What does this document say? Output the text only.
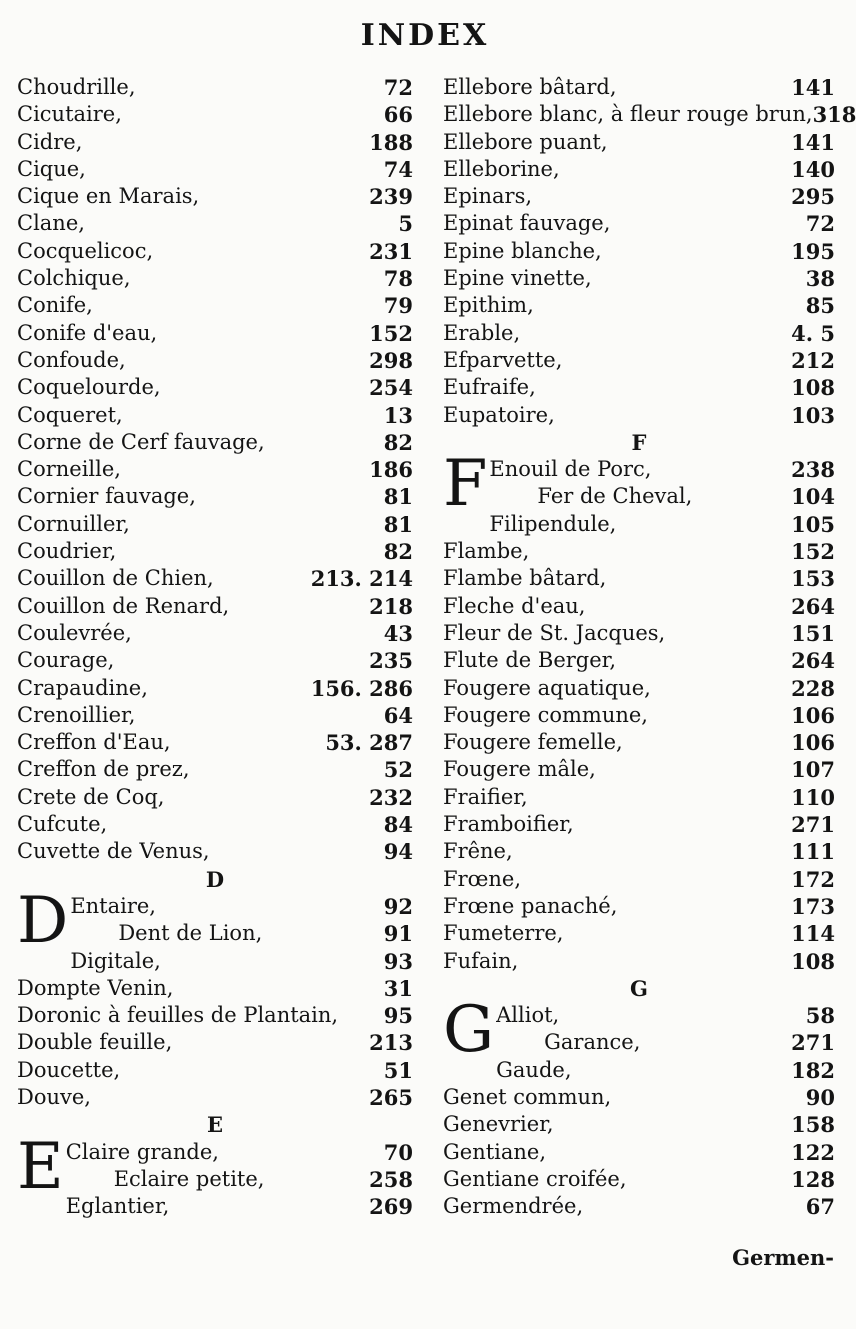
INDEX
Choudrille,	72
Cicutaire,	66
Cidre,	188
Cique,	74
Cique en Marais,	239
Clane,	5
Cocquelicoc,	231
Colchique,	78
Conife,	79
Conife d'eau,	152
Confoude,	298
Coquelourde,	254
Coqueret,	13
Corne de Cerf fauvage,	82
Corneille,	186
Cornier fauvage,	81
Cornuiller,	81
Coudrier,	82
Couillon de Chien,	213. 214
Couillon de Renard,	218
Coulevrée,	43
Courage,	235
Crapaudine,	156. 286
Crenoillier,	64
Creffon d'Eau,	53. 287
Creffon de prez,	52
Crete de Coq,	232
Cufcute,	84
Cuvette de Venus,	94
D
D Entaire,	92
Dent de Lion,	91
Digitale,	93
Dompte Venin,	31
Doronic à feuilles de Plantain, 95
Double feuille,	213
Doucette,	51
Douve,	265
E
E Claire grande,	70
Eclaire petite,	258
Eglantier,	269
Ellebore bâtard,	141
Ellebore blanc, à fleur rouge brun, 318
Ellebore puant,	141
Elleborine,	140
Epinars,	295
Epinat fauvage,	72
Epine blanche,	195
Epine vinette,	38
Epithim,	85
Erable,	4. 5
Efparvette,	212
Eufraife,	108
Eupatoire,	103
F
F Enouil de Porc,	238
Fer de Cheval,	104
Filipendule,	105
Flambe,	152
Flambe bâtard,	153
Fleche d'eau,	264
Fleur de St. Jacques,	151
Flute de Berger,	264
Fougere aquatique,	228
Fougere commune,	106
Fougere femelle,	106
Fougere mâle,	107
Fraifier,	110
Framboifier,	271
Frêne,	111
Frœne,	172
Frœne panaché,	173
Fumeterre,	114
Fufain,	108
G
G Alliot,	58
Garance,	271
Gaude,	182
Genet commun,	90
Genevrier,	158
Gentiane,	122
Gentiane croifée,	128
Germendrée,	67
Germen-
